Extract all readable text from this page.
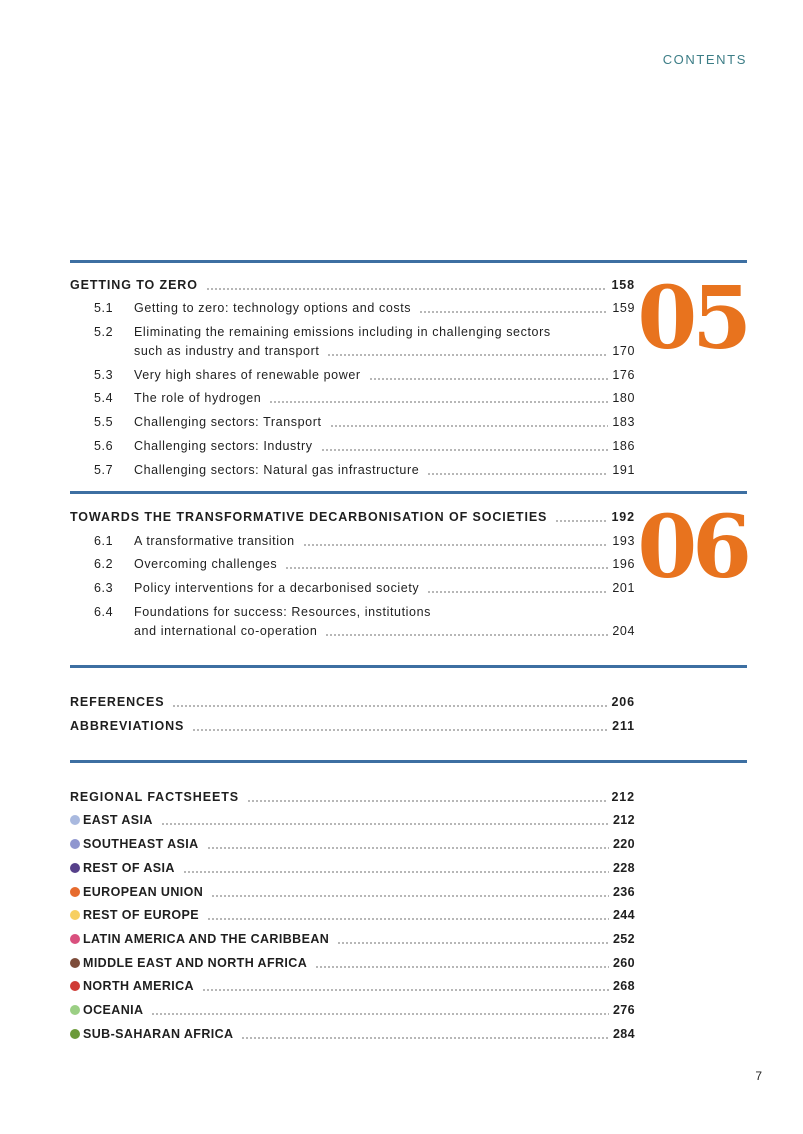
CONTENTS
05
GETTING TO ZERO	158
5.1	Getting to zero: technology options and costs	159
5.2	Eliminating the remaining emissions including in challenging sectors
such as industry and transport	170
5.3	Very high shares of renewable power	176
5.4	The role of hydrogen	180
5.5	Challenging sectors: Transport	183
5.6	Challenging sectors: Industry	186
5.7	Challenging sectors: Natural gas infrastructure	191
06
TOWARDS THE TRANSFORMATIVE DECARBONISATION OF SOCIETIES	192
6.1	A transformative transition	193
6.2	Overcoming challenges	196
6.3	Policy interventions for a decarbonised society	201
6.4	Foundations for success: Resources, institutions
and international co-operation	204
REFERENCES	206
ABBREVIATIONS	211
REGIONAL FACTSHEETS	212
EAST ASIA	212
SOUTHEAST ASIA	220
REST OF ASIA	228
EUROPEAN UNION	236
REST OF EUROPE	244
LATIN AMERICA AND THE CARIBBEAN	252
MIDDLE EAST AND NORTH AFRICA	260
NORTH AMERICA	268
OCEANIA	276
SUB-SAHARAN AFRICA	284
7
